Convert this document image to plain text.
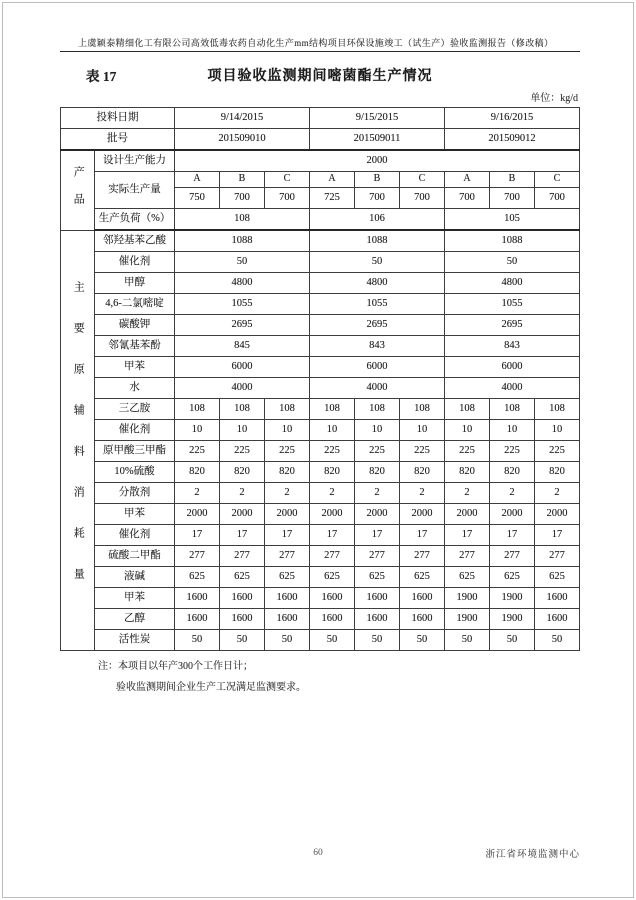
上虞颖泰精细化工有限公司高效低毒农药自动化生产mm结构项目环保设施竣工（试生产）验收监测报告（修改稿）
表 17	项目验收监测期间嘧菌酯生产情况
单位：kg/d
投料日期		9/14/2015			9/15/2015			9/16/2015		
批号		201509010			201509011			201509012		
产品	设计生产能力	2000								
	实际生产量	A	B	C	A	B	C	A	B	C
		750	700	700	725	700	700	700	700	700
	生产负荷（%）	108			106			105		
主要原辅料消耗量	邻羟基苯乙酸	1088			1088			1088		
	催化剂	50			50			50		
	甲醇	4800			4800			4800		
	4,6-二氯嘧啶	1055			1055			1055		
	碳酸钾	2695			2695			2695		
	邻氰基苯酚	845			843			843		
	甲苯	6000			6000			6000		
	水	4000			4000			4000		
	三乙胺	108	108	108	108	108	108	108	108	108
	催化剂	10	10	10	10	10	10	10	10	10
	原甲酸三甲酯	225	225	225	225	225	225	225	225	225
	10%硫酸	820	820	820	820	820	820	820	820	820
	分散剂	2	2	2	2	2	2	2	2	2
	甲苯	2000	2000	2000	2000	2000	2000	2000	2000	2000
	催化剂	17	17	17	17	17	17	17	17	17
	硫酸二甲酯	277	277	277	277	277	277	277	277	277
	液碱	625	625	625	625	625	625	625	625	625
	甲苯	1600	1600	1600	1600	1600	1600	1900	1900	1600
	乙醇	1600	1600	1600	1600	1600	1600	1900	1900	1600
	活性炭	50	50	50	50	50	50	50	50	50
注：本项目以年产300个工作日计；
验收监测期间企业生产工况满足监测要求。
60	浙江省环境监测中心
